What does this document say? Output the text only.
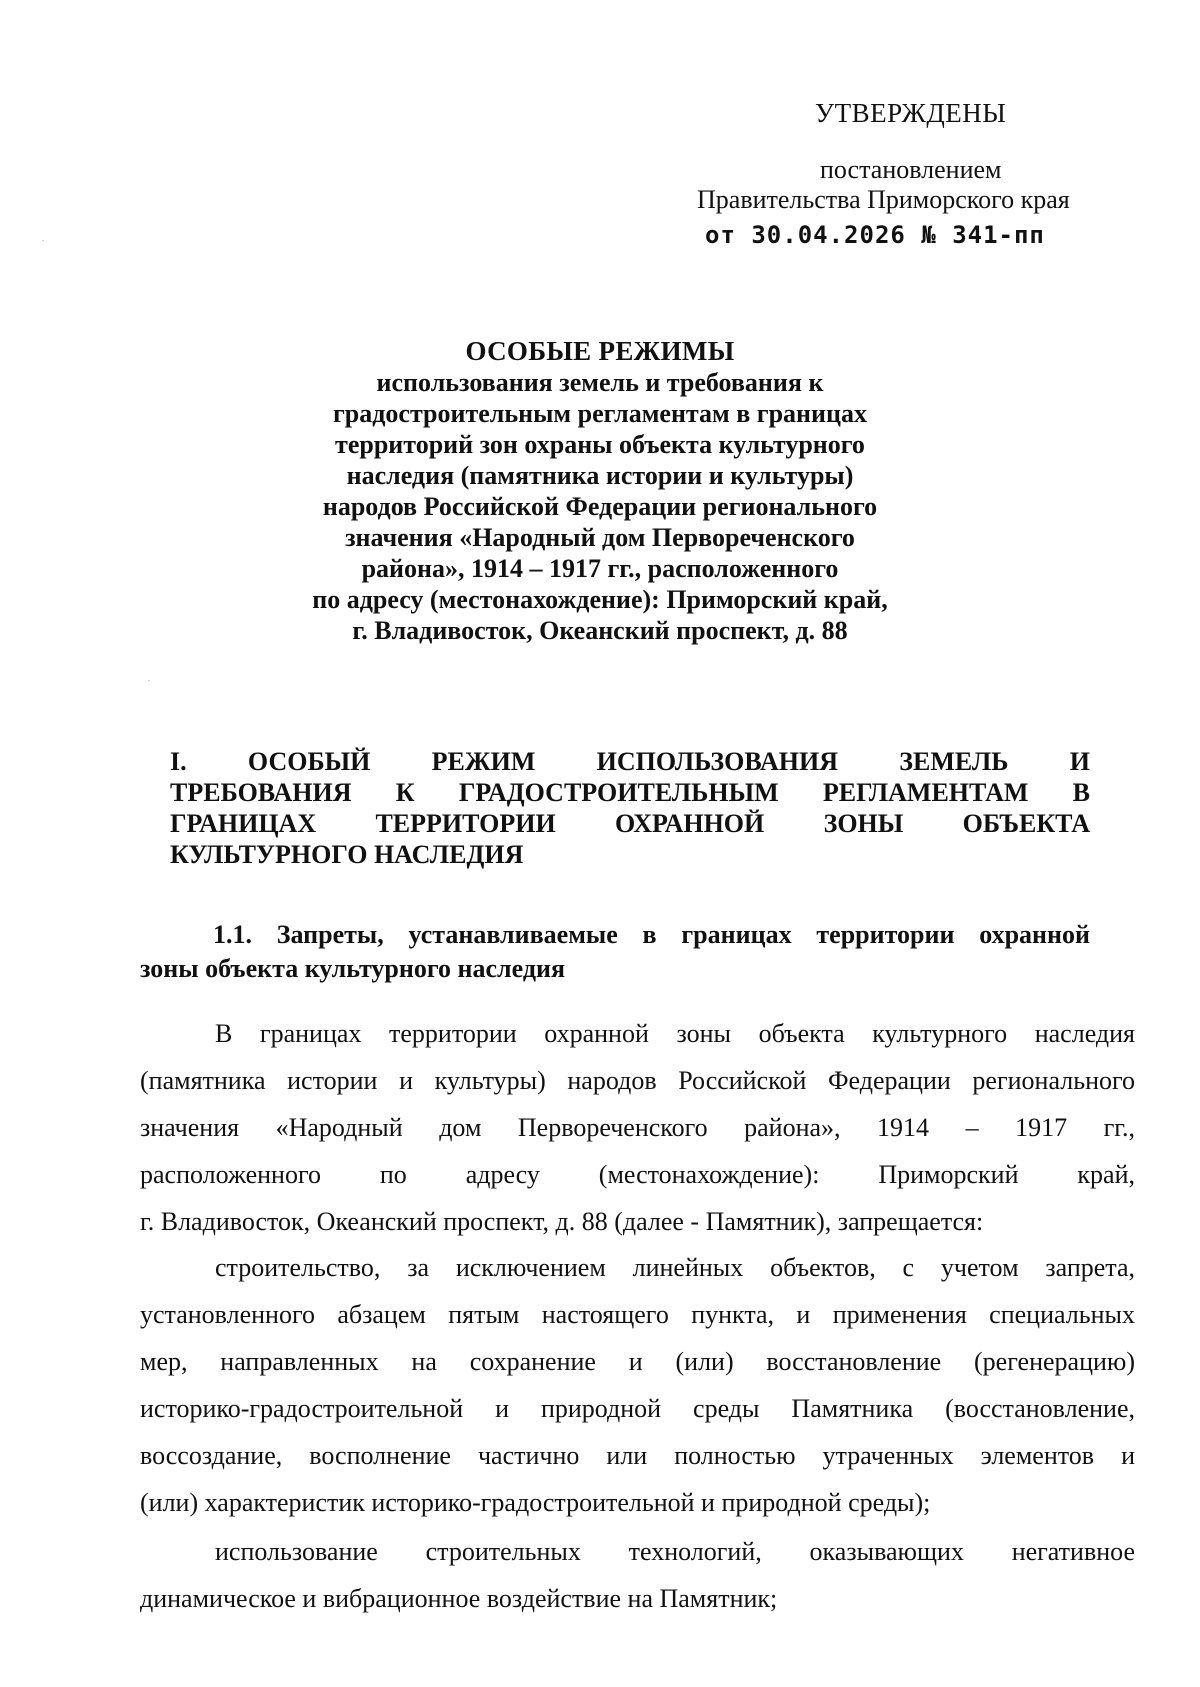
УТВЕРЖДЕНЫ
постановлением
Правительства Приморского края
от 30.04.2026 № 341-пп
ОСОБЫЕ РЕЖИМЫ
использования земель и требования к
градостроительным регламентам в границах
территорий зон охраны объекта культурного
наследия (памятника истории и культуры)
народов Российской Федерации регионального
значения «Народный дом Первореченского
района», 1914 – 1917 гг., расположенного
по адресу (местонахождение): Приморский край,
г. Владивосток, Океанский проспект, д. 88
I. ОСОБЫЙ РЕЖИМ ИСПОЛЬЗОВАНИЯ ЗЕМЕЛЬ И
ТРЕБОВАНИЯ К ГРАДОСТРОИТЕЛЬНЫМ РЕГЛАМЕНТАМ В
ГРАНИЦАХ ТЕРРИТОРИИ ОХРАННОЙ ЗОНЫ ОБЪЕКТА
КУЛЬТУРНОГО НАСЛЕДИЯ
1.1. Запреты, устанавливаемые в границах территории охранной
зоны объекта культурного наследия
В границах территории охранной зоны объекта культурного наследия
(памятника истории и культуры) народов Российской Федерации регионального
значения «Народный дом Первореченского района», 1914 – 1917 гг.,
расположенного по адресу (местонахождение): Приморский край,
г. Владивосток, Океанский проспект, д. 88 (далее - Памятник), запрещается:
строительство, за исключением линейных объектов, с учетом запрета,
установленного абзацем пятым настоящего пункта, и применения специальных
мер, направленных на сохранение и (или) восстановление (регенерацию)
историко-градостроительной и природной среды Памятника (восстановление,
воссоздание, восполнение частично или полностью утраченных элементов и
(или) характеристик историко-градостроительной и природной среды);
использование строительных технологий, оказывающих негативное
динамическое и вибрационное воздействие на Памятник;
